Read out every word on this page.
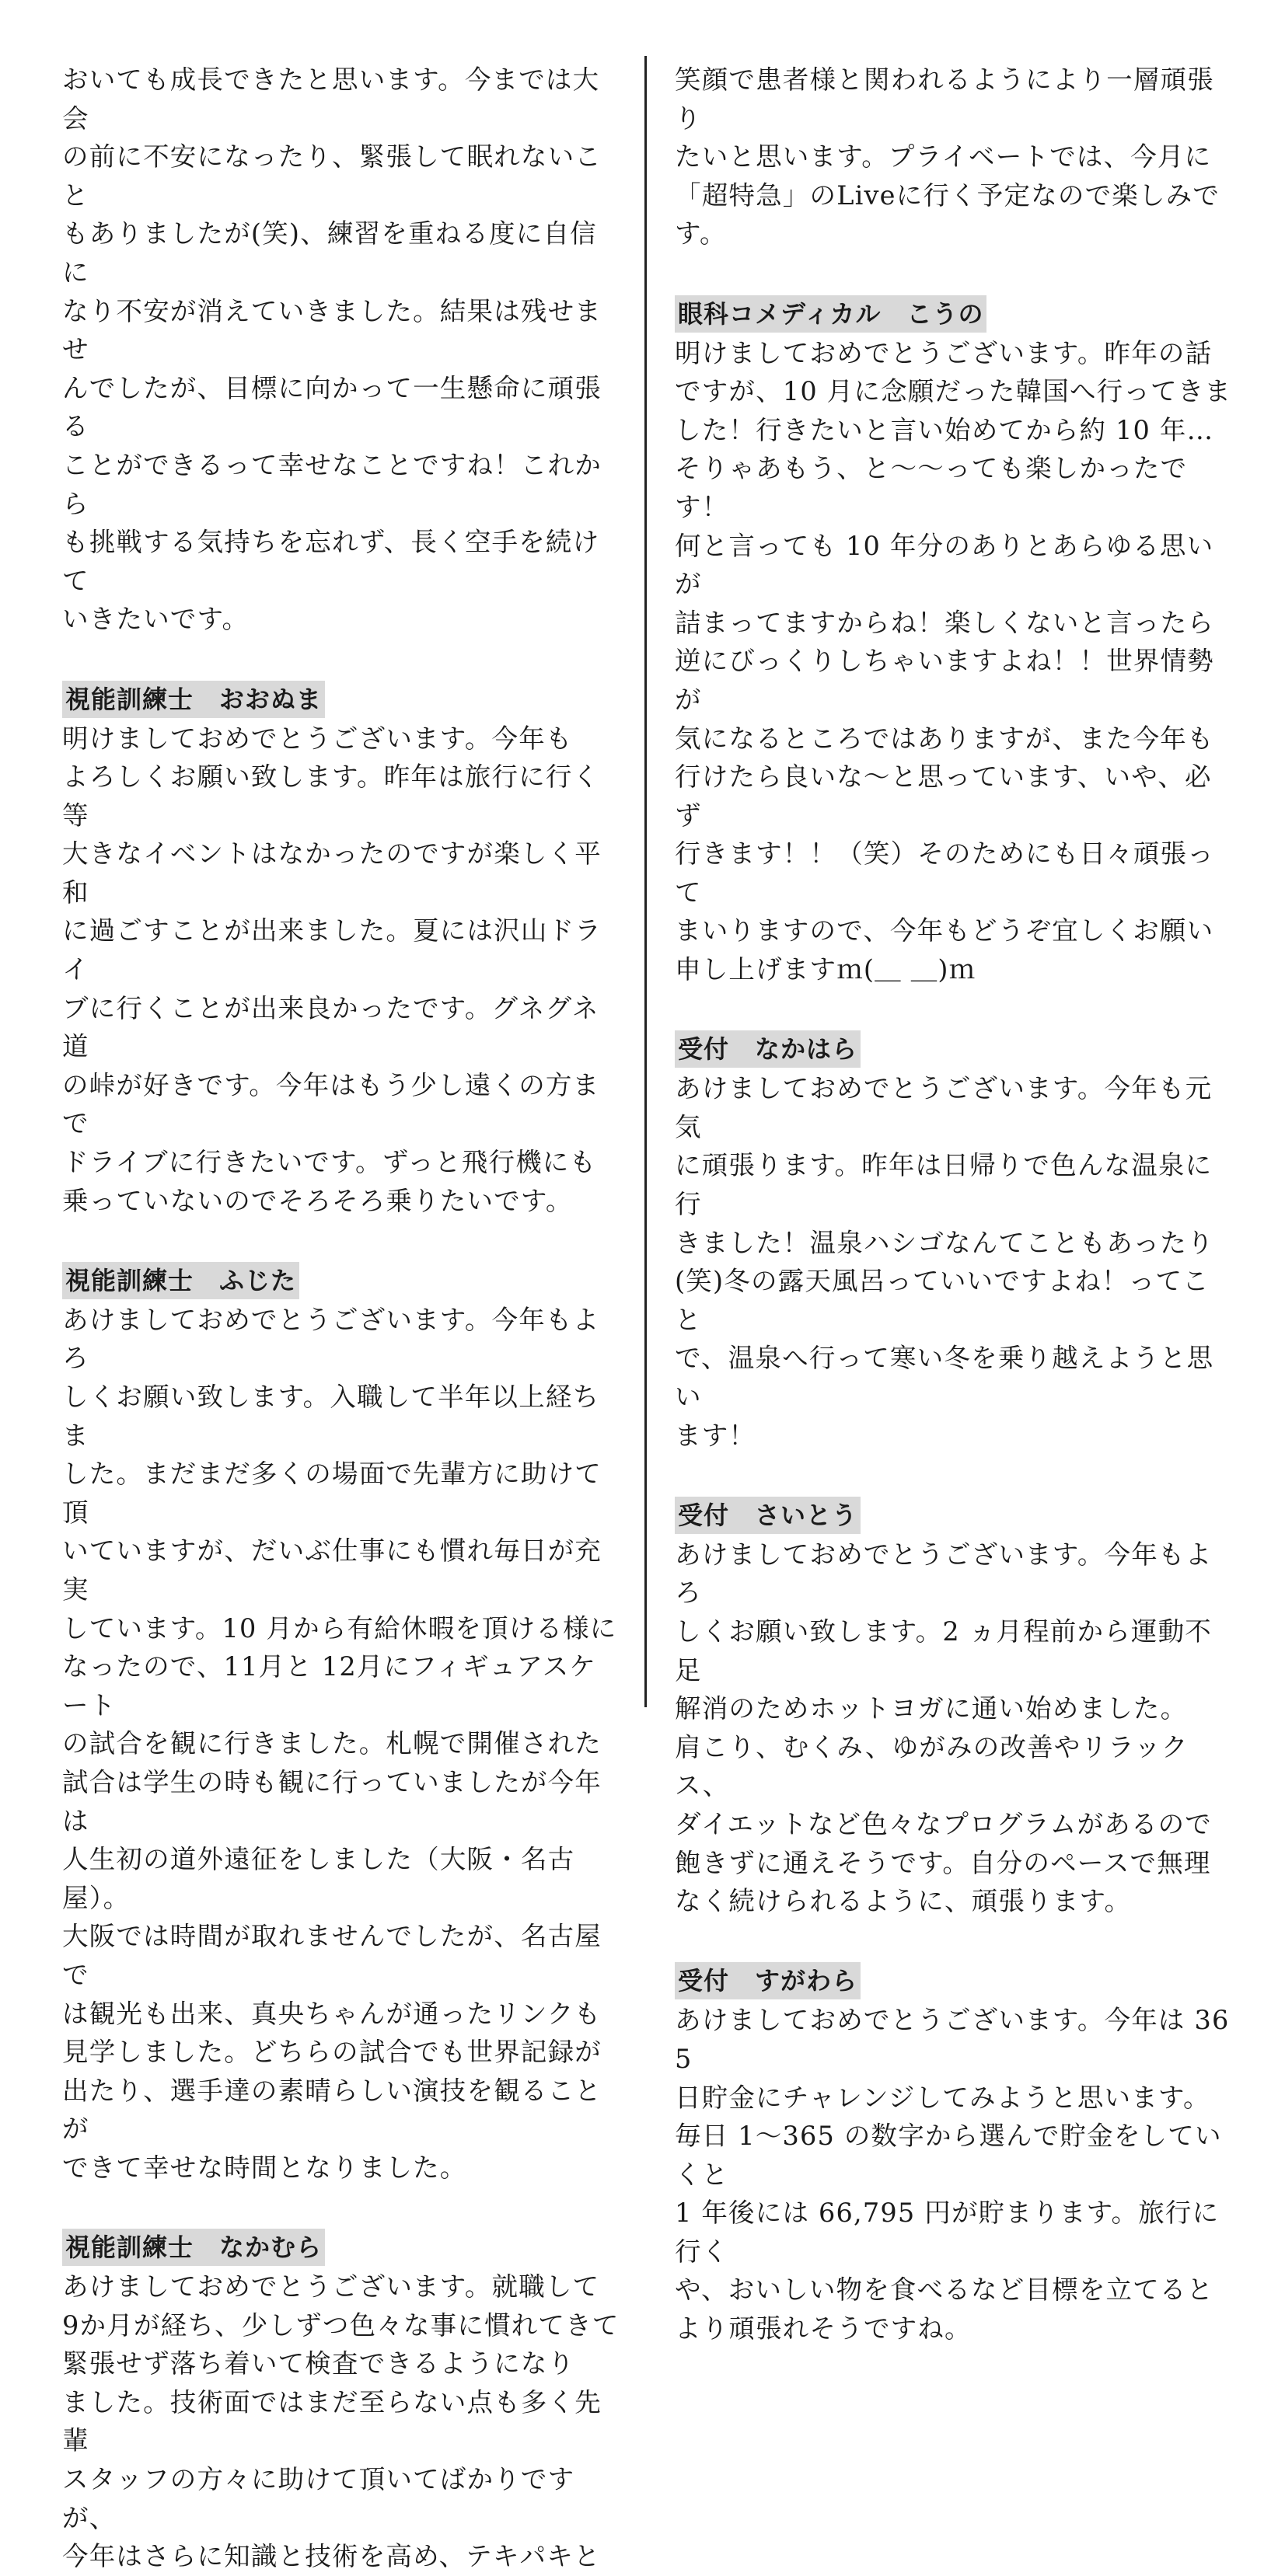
おいても成長できたと思います。今までは大会
の前に不安になったり、緊張して眠れないこと
もありましたが(笑)、練習を重ねる度に自信に
なり不安が消えていきました。結果は残せませ
んでしたが、目標に向かって一生懸命に頑張る
ことができるって幸せなことですね！これから
も挑戦する気持ちを忘れず、長く空手を続けて
いきたいです。

視能訓練士　おおぬま

明けましておめでとうございます。今年も
よろしくお願い致します。昨年は旅行に行く等
大きなイベントはなかったのですが楽しく平和
に過ごすことが出来ました。夏には沢山ドライ
ブに行くことが出来良かったです。グネグネ道
の峠が好きです。今年はもう少し遠くの方まで
ドライブに行きたいです。ずっと飛行機にも
乗っていないのでそろそろ乗りたいです。

視能訓練士　ふじた

あけましておめでとうございます。今年もよろ
しくお願い致します。入職して半年以上経ちま
した。まだまだ多くの場面で先輩方に助けて頂
いていますが、だいぶ仕事にも慣れ毎日が充実
しています。10 月から有給休暇を頂ける様に
なったので、11月と 12月にフィギュアスケート
の試合を観に行きました。札幌で開催された
試合は学生の時も観に行っていましたが今年は
人生初の道外遠征をしました（大阪・名古屋）。
大阪では時間が取れませんでしたが、名古屋で
は観光も出来、真央ちゃんが通ったリンクも
見学しました。どちらの試合でも世界記録が
出たり、選手達の素晴らしい演技を観ることが
できて幸せな時間となりました。

視能訓練士　なかむら

あけましておめでとうございます。就職して
9か月が経ち、少しずつ色々な事に慣れてきて
緊張せず落ち着いて検査できるようになり
ました。技術面ではまだ至らない点も多く先輩
スタッフの方々に助けて頂いてばかりですが、
今年はさらに知識と技術を高め、テキパキと

笑顔で患者様と関われるようにより一層頑張り
たいと思います。プライベートでは、今月に
「超特急」のLiveに行く予定なので楽しみです。

眼科コメディカル　こうの

明けましておめでとうございます。昨年の話
ですが、10 月に念願だった韓国へ行ってきま
した！行きたいと言い始めてから約 10 年…
そりゃあもう、と～～っても楽しかったです！
何と言っても 10 年分のありとあらゆる思いが
詰まってますからね！楽しくないと言ったら
逆にびっくりしちゃいますよね！！世界情勢が
気になるところではありますが、また今年も
行けたら良いな～と思っています、いや、必ず
行きます！！（笑）そのためにも日々頑張って
まいりますので、今年もどうぞ宜しくお願い
申し上げますｍ(＿ ＿)ｍ

受付　なかはら

あけましておめでとうございます。今年も元気
に頑張ります。昨年は日帰りで色んな温泉に行
きました！温泉ハシゴなんてこともあったり
(笑)冬の露天風呂っていいですよね！ってこと
で、温泉へ行って寒い冬を乗り越えようと思い
ます！

受付　さいとう

あけましておめでとうございます。今年もよろ
しくお願い致します。2 ヵ月程前から運動不足
解消のためホットヨガに通い始めました。
肩こり、むくみ、ゆがみの改善やリラックス、
ダイエットなど色々なプログラムがあるので
飽きずに通えそうです。自分のペースで無理
なく続けられるように、頑張ります。

受付　すがわら

あけましておめでとうございます。今年は 365
日貯金にチャレンジしてみようと思います。
毎日 1～365 の数字から選んで貯金をしていくと
1 年後には 66,795 円が貯まります。旅行に行く
や、おいしい物を食べるなど目標を立てると
より頑張れそうですね。
